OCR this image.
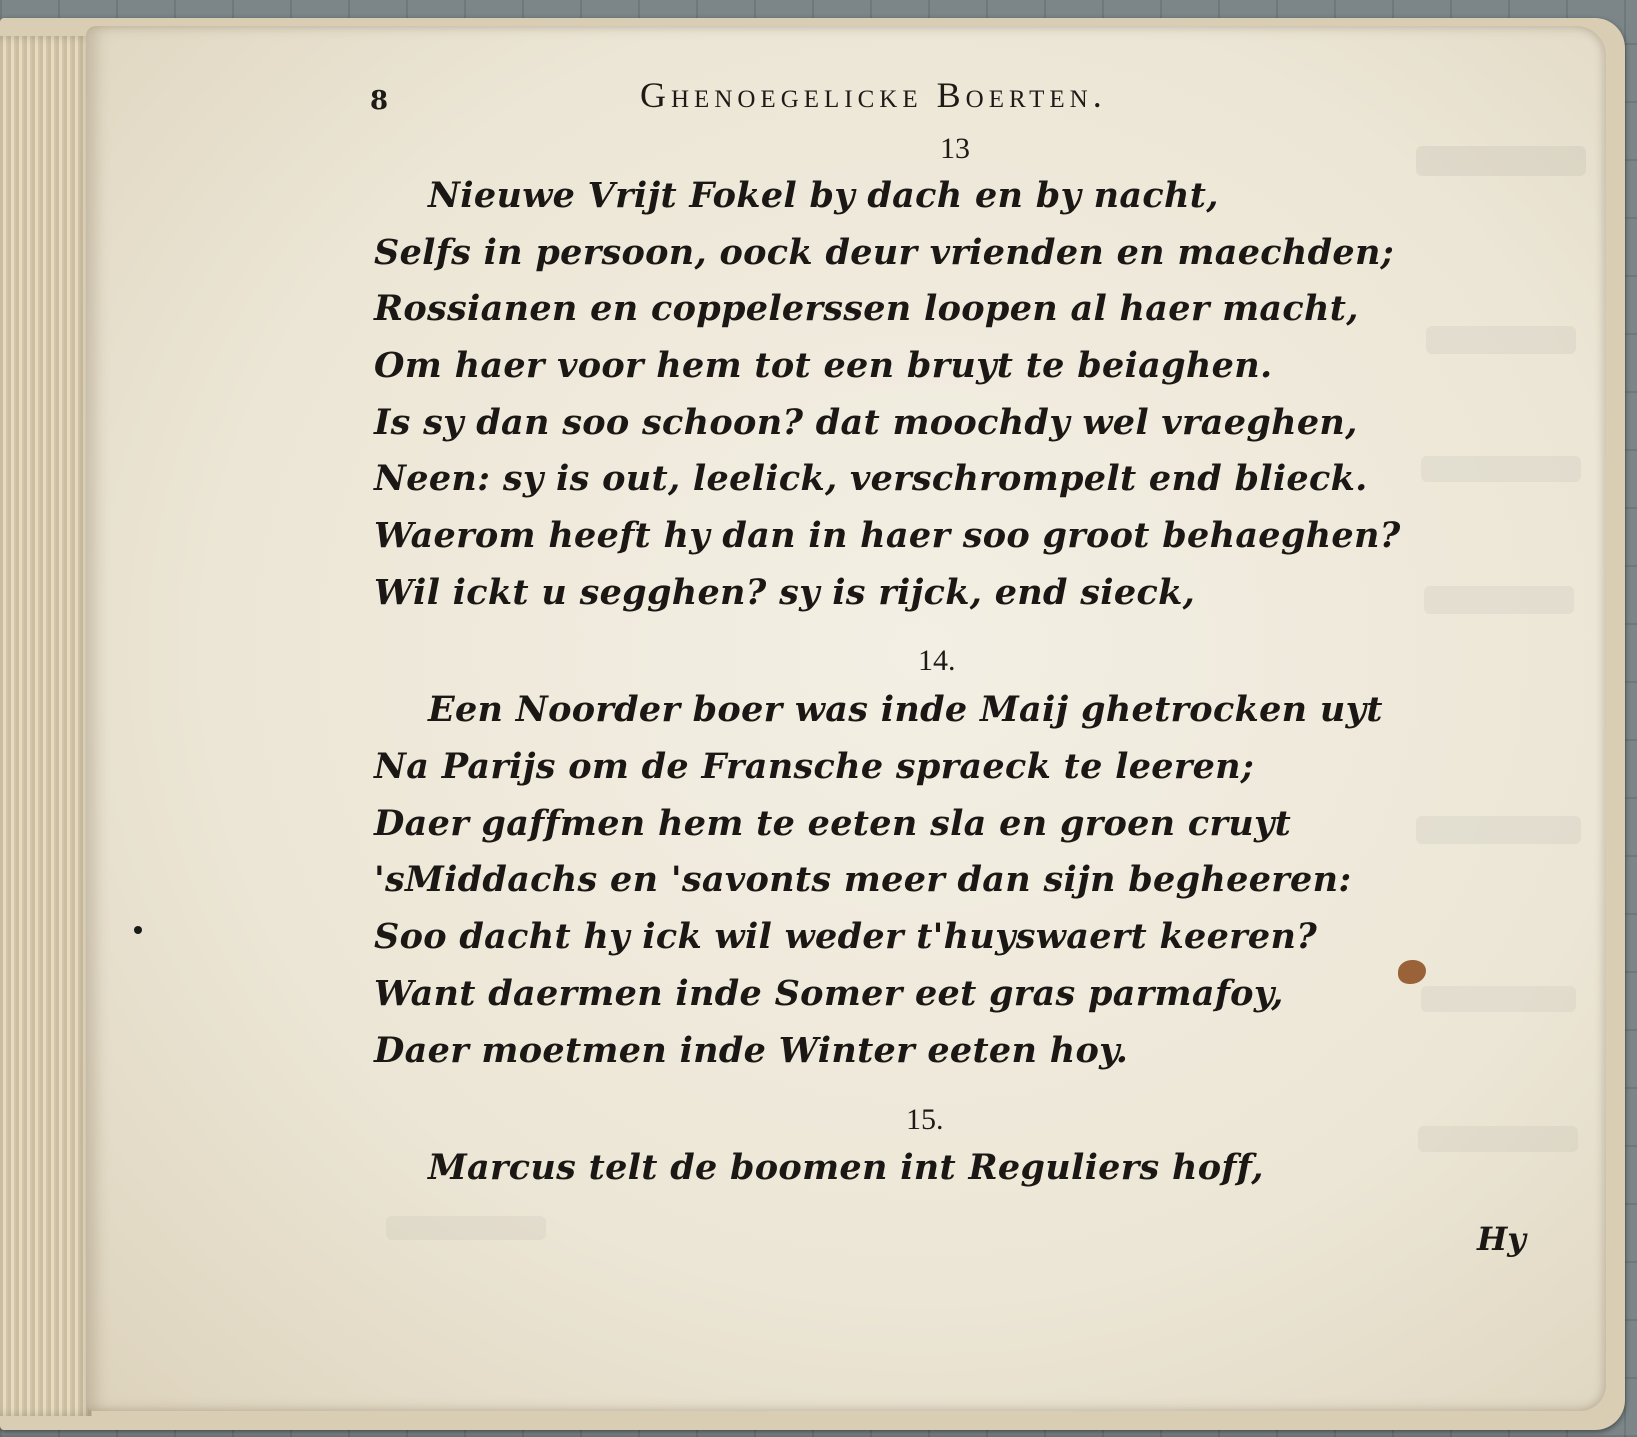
8	Ghenoegelicke Boerten.
13
Nieuwe Vrijt Fokel by dach en by nacht,
Selfs in persoon, oock deur vrienden en maechden;
Rossianen en coppelerssen loopen al haer macht,
Om haer voor hem tot een bruyt te beiaghen.
Is sy dan soo schoon? dat moochdy wel vraeghen,
Neen: sy is out, leelick, verschrompelt end blieck.
Waerom heeft hy dan in haer soo groot behaeghen?
Wil ickt u segghen? sy is rijck, end sieck,
14.
Een Noorder boer was inde Maij ghetrocken uyt
Na Parijs om de Fransche spraeck te leeren;
Daer gaffmen hem te eeten sla en groen cruyt
'sMiddachs en 'savonts meer dan sijn begheeren:
Soo dacht hy ick wil weder t'huyswaert keeren?
Want daermen inde Somer eet gras parmafoy,
Daer moetmen inde Winter eeten hoy.
15.
Marcus telt de boomen int Reguliers hoff,
Hy
